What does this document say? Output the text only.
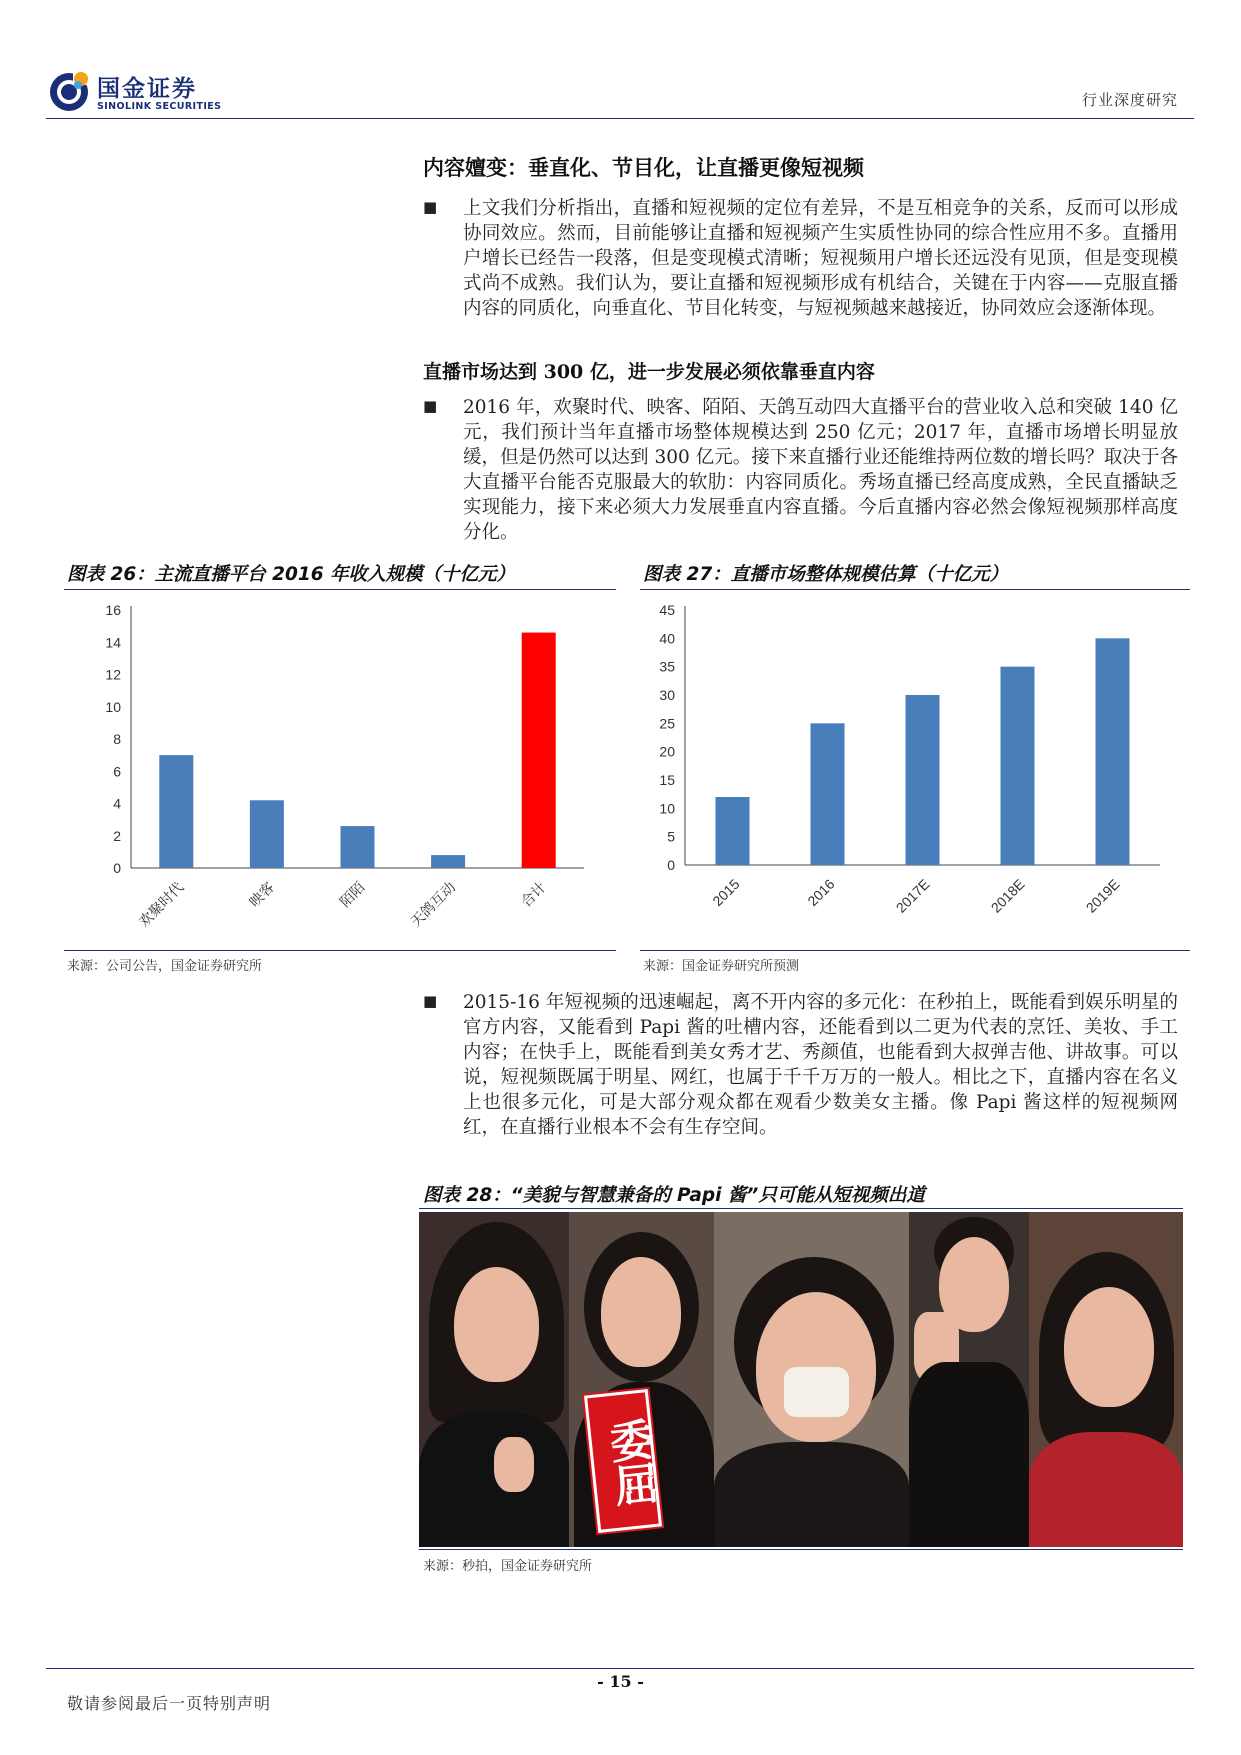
国金证券
SINOLINK SECURITIES	行业深度研究
内容嬗变：垂直化、节目化，让直播更像短视频
■ 上文我们分析指出，直播和短视频的定位有差异，不是互相竞争的关系，反而可以形成协同效应。然而，目前能够让直播和短视频产生实质性协同的综合性应用不多。直播用户增长已经告一段落，但是变现模式清晰；短视频用户增长还远没有见顶，但是变现模式尚不成熟。我们认为，要让直播和短视频形成有机结合，关键在于内容——克服直播内容的同质化，向垂直化、节目化转变，与短视频越来越接近，协同效应会逐渐体现。
直播市场达到 300 亿，进一步发展必须依靠垂直内容
■ 2016 年，欢聚时代、映客、陌陌、天鸽互动四大直播平台的营业收入总和突破 140 亿元，我们预计当年直播市场整体规模达到 250 亿元；2017 年，直播市场增长明显放缓，但是仍然可以达到 300 亿元。接下来直播行业还能维持两位数的增长吗？取决于各大直播平台能否克服最大的软肋：内容同质化。秀场直播已经高度成熟，全民直播缺乏实现能力，接下来必须大力发展垂直内容直播。今后直播内容必然会像短视频那样高度分化。
图表 26：主流直播平台 2016 年收入规模（十亿元）
0
2
4
6
8
10
12
14
16
欢聚时代	映客	陌陌	天鸽互动	合计
来源：公司公告，国金证券研究所
图表 27：直播市场整体规模估算（十亿元）
0
5
10
15
20
25
30
35
40
45
2015	2016	2017E	2018E	2019E
来源：国金证券研究所预测
■ 2015-16 年短视频的迅速崛起，离不开内容的多元化：在秒拍上，既能看到娱乐明星的官方内容，又能看到 Papi 酱的吐槽内容，还能看到以二更为代表的烹饪、美妆、手工内容；在快手上，既能看到美女秀才艺、秀颜值，也能看到大叔弹吉他、讲故事。可以说，短视频既属于明星、网红，也属于千千万万的一般人。相比之下，直播内容在名义上也很多元化，可是大部分观众都在观看少数美女主播。像 Papi 酱这样的短视频网红，在直播行业根本不会有生存空间。
图表 28：“美貌与智慧兼备的 Papi 酱”只可能从短视频出道
委屈
来源：秒拍，国金证券研究所
- 15 -
敬请参阅最后一页特别声明
